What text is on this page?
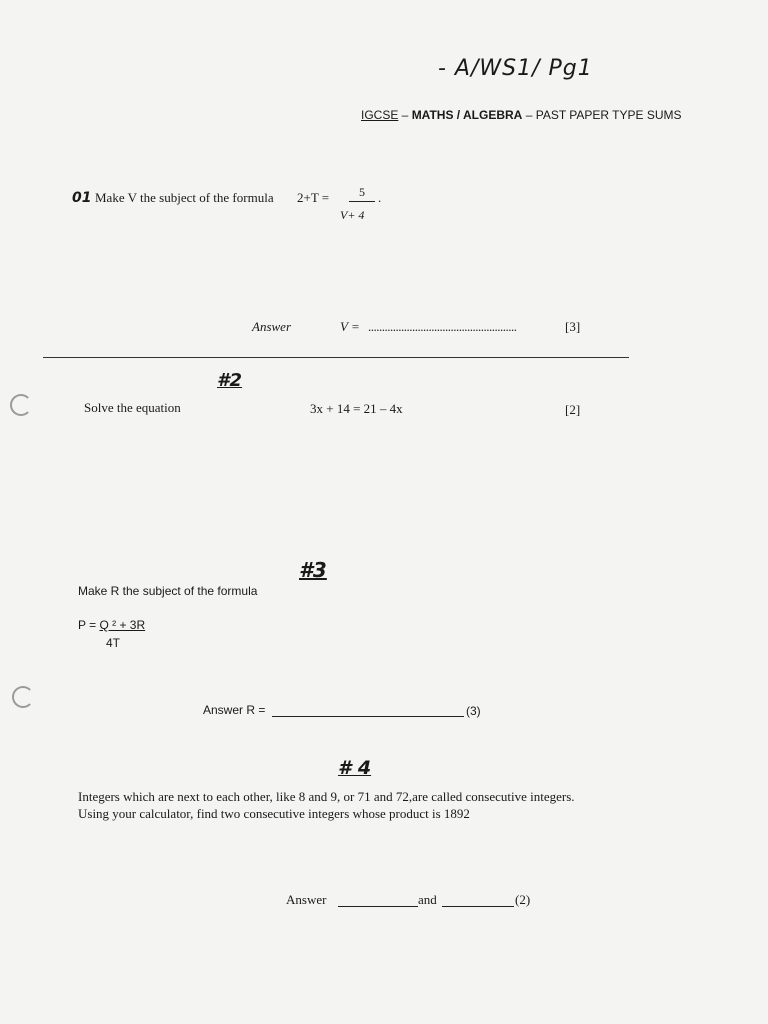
- A/WS1/ Pg1
IGCSE – MATHS / ALGEBRA – PAST PAPER TYPE SUMS
01 Make V the subject of the formula 2+T =	5	.
V+ 4
Answer	V = ......................................................	[3]
#2
Solve the equation	3x + 14 = 21 – 4x	[2]
#3
Make R the subject of the formula
P = Q ² + 3R
4T
Answer R =	(3)
# 4
Integers which are next to each other, like 8 and 9, or 71 and 72,are called consecutive integers.
Using your calculator, find two consecutive integers whose product is 1892
Answer	and	(2)
